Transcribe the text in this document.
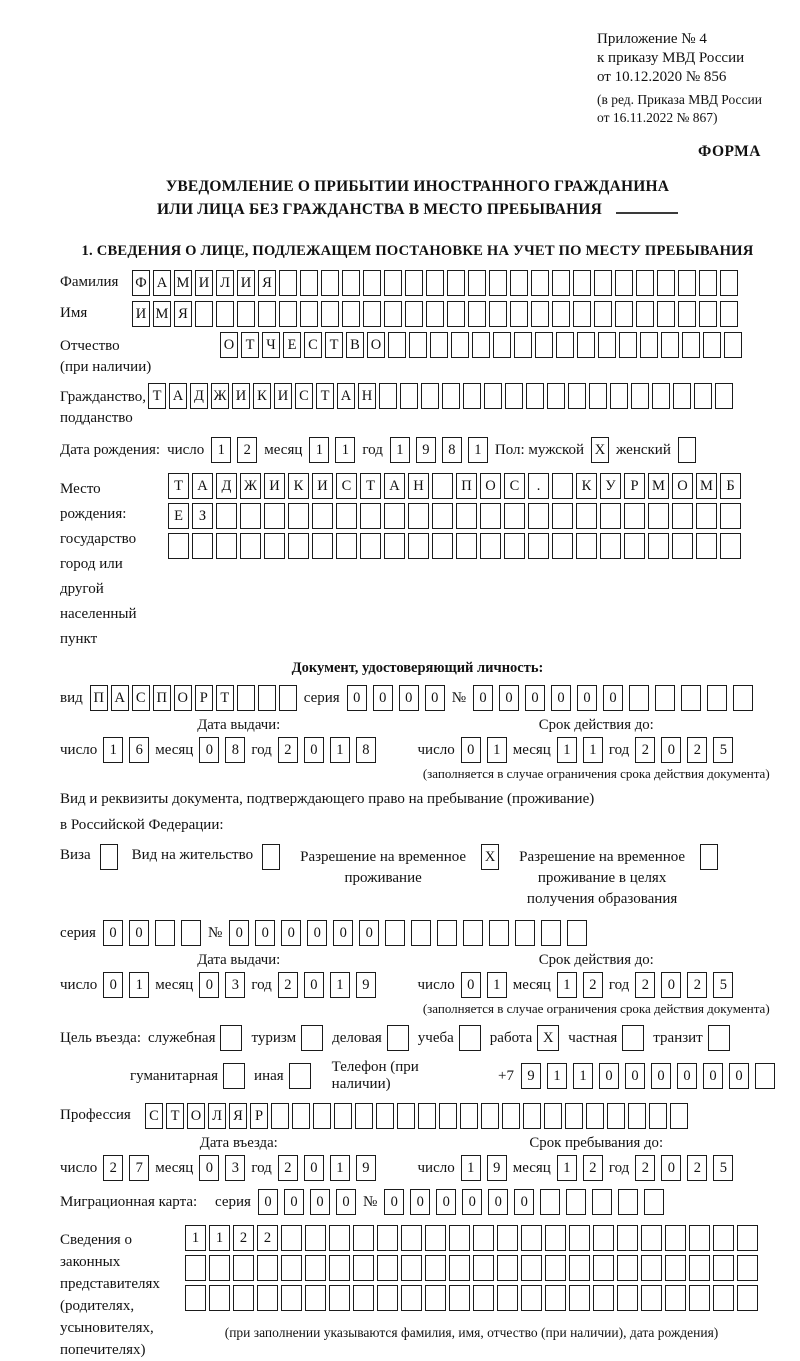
Приложение № 4
к приказу МВД России
от 10.12.2020 № 856
(в ред. Приказа МВД России
от 16.11.2022 № 867)
ФОРМА
УВЕДОМЛЕНИЕ О ПРИБЫТИИ ИНОСТРАННОГО ГРАЖДАНИНА
ИЛИ ЛИЦА БЕЗ ГРАЖДАНСТВА В МЕСТО ПРЕБЫВАНИЯ
1. СВЕДЕНИЯ О ЛИЦЕ, ПОДЛЕЖАЩЕМ ПОСТАНОВКЕ НА УЧЕТ ПО МЕСТУ ПРЕБЫВАНИЯ
Фамилия	Ф А М И Л И Я
Имя	И М Я
Отчество
(при наличии)
О Т Ч Е С Т В О
Гражданство,
подданство
Т А Д Ж И К И С Т А Н
Дата рождения: число 1	2 месяц 1	1 год 1	9	8	1 Пол: мужской X женский
Место рождения:
государство
город или другой
населенный пункт
Т А Д Ж И К И С	Т А Н	П О С	.	К У	Р М О М Б
Е	З
Документ, удостоверяющий личность:
вид П А С П О Р Т	серия 0	0	0	0 № 0	0	0	0	0	0
Дата выдачи:
число 1	6 месяц 0	8 год 2	0	1	8
Срок действия до:
число 0	1 месяц 1	1 год 2	0	2	5
(заполняется в случае ограничения срока действия документа)
Вид и реквизиты документа, подтверждающего право на пребывание (проживание)
в Российской Федерации:
Виза	Вид на жительство	Разрешение на временное проживание
X	Разрешение на временное проживание в целях получения образования
серия 0	0	№ 0	0	0	0	0	0
Дата выдачи:
число 0	1 месяц 0	3 год 2	0	1	9
Срок действия до:
число 0	1 месяц 1	2 год 2	0	2	5
(заполняется в случае ограничения срока действия документа)
Цель въезда: служебная туризм деловая учеба работа X частная транзит
гуманитарная иная
Телефон (при наличии)
+7 9	1	1	0	0	0	0	0	0
Профессия	С Т О Л Я Р
Дата въезда:
число 2	7 месяц 0	3 год 2	0	1	9
Срок пребывания до:
число 1	9 месяц 1	2 год 2	0	2	5
Миграционная карта:	серия 0	0	0	0 № 0	0	0	0	0	0
Сведения о
законных
представителях
(родителях,
усыновителях,
попечителях)
1	1	2	2
(при заполнении указываются фамилия, имя, отчество (при наличии), дата рождения)
